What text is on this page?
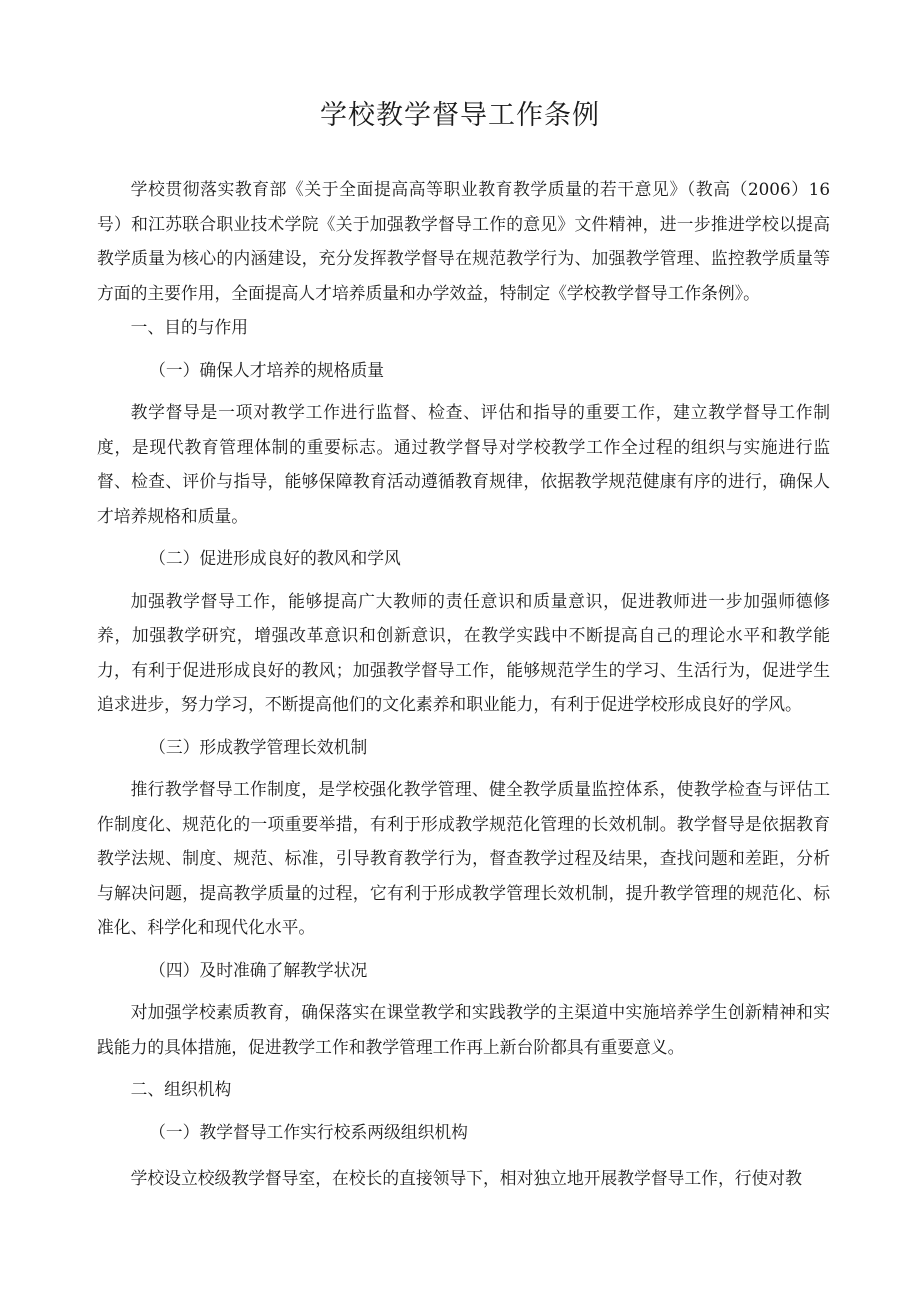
学校教学督导工作条例

学校贯彻落实教育部《关于全面提高高等职业教育教学质量的若干意见》（教高（2006）16号）和江苏联合职业技术学院《关于加强教学督导工作的意见》文件精神，进一步推进学校以提高教学质量为核心的内涵建设，充分发挥教学督导在规范教学行为、加强教学管理、监控教学质量等方面的主要作用，全面提高人才培养质量和办学效益，特制定《学校教学督导工作条例》。

一、目的与作用

（一）确保人才培养的规格质量

教学督导是一项对教学工作进行监督、检查、评估和指导的重要工作，建立教学督导工作制度，是现代教育管理体制的重要标志。通过教学督导对学校教学工作全过程的组织与实施进行监督、检查、评价与指导，能够保障教育活动遵循教育规律，依据教学规范健康有序的进行，确保人才培养规格和质量。

（二）促进形成良好的教风和学风

加强教学督导工作，能够提高广大教师的责任意识和质量意识，促进教师进一步加强师德修养，加强教学研究，增强改革意识和创新意识，在教学实践中不断提高自己的理论水平和教学能力，有利于促进形成良好的教风；加强教学督导工作，能够规范学生的学习、生活行为，促进学生追求进步，努力学习，不断提高他们的文化素养和职业能力，有利于促进学校形成良好的学风。

（三）形成教学管理长效机制

推行教学督导工作制度，是学校强化教学管理、健全教学质量监控体系，使教学检查与评估工作制度化、规范化的一项重要举措，有利于形成教学规范化管理的长效机制。教学督导是依据教育教学法规、制度、规范、标准，引导教育教学行为，督查教学过程及结果，查找问题和差距，分析与解决问题，提高教学质量的过程，它有利于形成教学管理长效机制，提升教学管理的规范化、标准化、科学化和现代化水平。

（四）及时准确了解教学状况

对加强学校素质教育，确保落实在课堂教学和实践教学的主渠道中实施培养学生创新精神和实践能力的具体措施，促进教学工作和教学管理工作再上新台阶都具有重要意义。

二、组织机构

（一）教学督导工作实行校系两级组织机构

学校设立校级教学督导室，在校长的直接领导下，相对独立地开展教学督导工作，行使对教
